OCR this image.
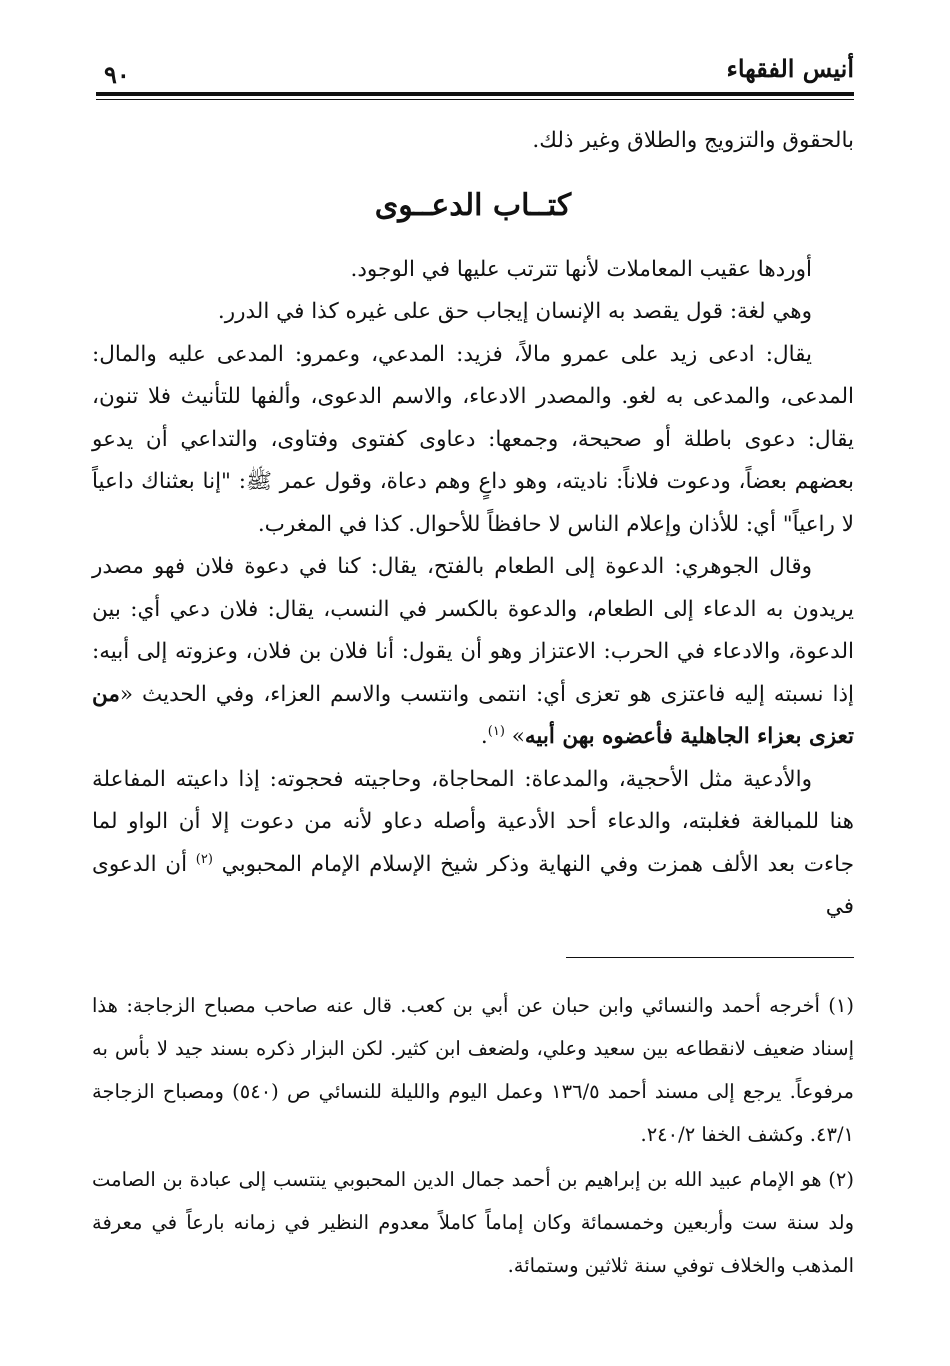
أنيس الفقهاء
٩٠

بالحقوق والتزويج والطلاق وغير ذلك.

كتــاب الدعــوى

أوردها عقيب المعاملات لأنها تترتب عليها في الوجود.

وهي لغة: قول يقصد به الإنسان إيجاب حق على غيره كذا في الدرر.

يقال: ادعى زيد على عمرو مالاً، فزيد: المدعي، وعمرو: المدعى عليه والمال: المدعى، والمدعى به لغو. والمصدر الادعاء، والاسم الدعوى، وألفها للتأنيث فلا تنون، يقال: دعوى باطلة أو صحيحة، وجمعها: دعاوى كفتوى وفتاوى، والتداعي أن يدعو بعضهم بعضاً، ودعوت فلاناً: ناديته، وهو داعٍ وهم دعاة، وقول عمر ﷺ: "إنا بعثناك داعياً لا راعياً" أي: للأذان وإعلام الناس لا حافظاً للأحوال. كذا في المغرب.

وقال الجوهري: الدعوة إلى الطعام بالفتح، يقال: كنا في دعوة فلان فهو مصدر يريدون به الدعاء إلى الطعام، والدعوة بالكسر في النسب، يقال: فلان دعي أي: بين الدعوة، والادعاء في الحرب: الاعتزاز وهو أن يقول: أنا فلان بن فلان، وعزوته إلى أبيه: إذا نسبته إليه فاعتزى هو تعزى أي: انتمى وانتسب والاسم العزاء، وفي الحديث «من تعزى بعزاء الجاهلية فأعضوه بهن أبيه» $^{(١)}$.

والأدعية مثل الأحجية، والمدعاة: المحاجاة، وحاجيته فحجوته: إذا داعيته المفاعلة هنا للمبالغة فغلبته، والدعاء أحد الأدعية وأصله دعاو لأنه من دعوت إلا أن الواو لما جاءت بعد الألف همزت وفي النهاية وذكر شيخ الإسلام الإمام المحبوبي $^{(٢)}$ أن الدعوى في

(١) أخرجه أحمد والنسائي وابن حبان عن أبي بن كعب. قال عنه صاحب مصباح الزجاجة: هذا إسناد ضعيف لانقطاعه بين سعيد وعلي، ولضعف ابن كثير. لكن البزار ذكره بسند جيد لا بأس به مرفوعاً. يرجع إلى مسند أحمد ١٣٦/٥ وعمل اليوم والليلة للنسائي ص (٥٤٠) ومصباح الزجاجة ٤٣/١. وكشف الخفا ٢٤٠/٢.

(٢) هو الإمام عبيد الله بن إبراهيم بن أحمد جمال الدين المحبوبي ينتسب إلى عبادة بن الصامت ولد سنة ست وأربعين وخمسمائة وكان إماماً كاملاً معدوم النظير في زمانه بارعاً في معرفة المذهب والخلاف توفي سنة ثلاثين وستمائة.
